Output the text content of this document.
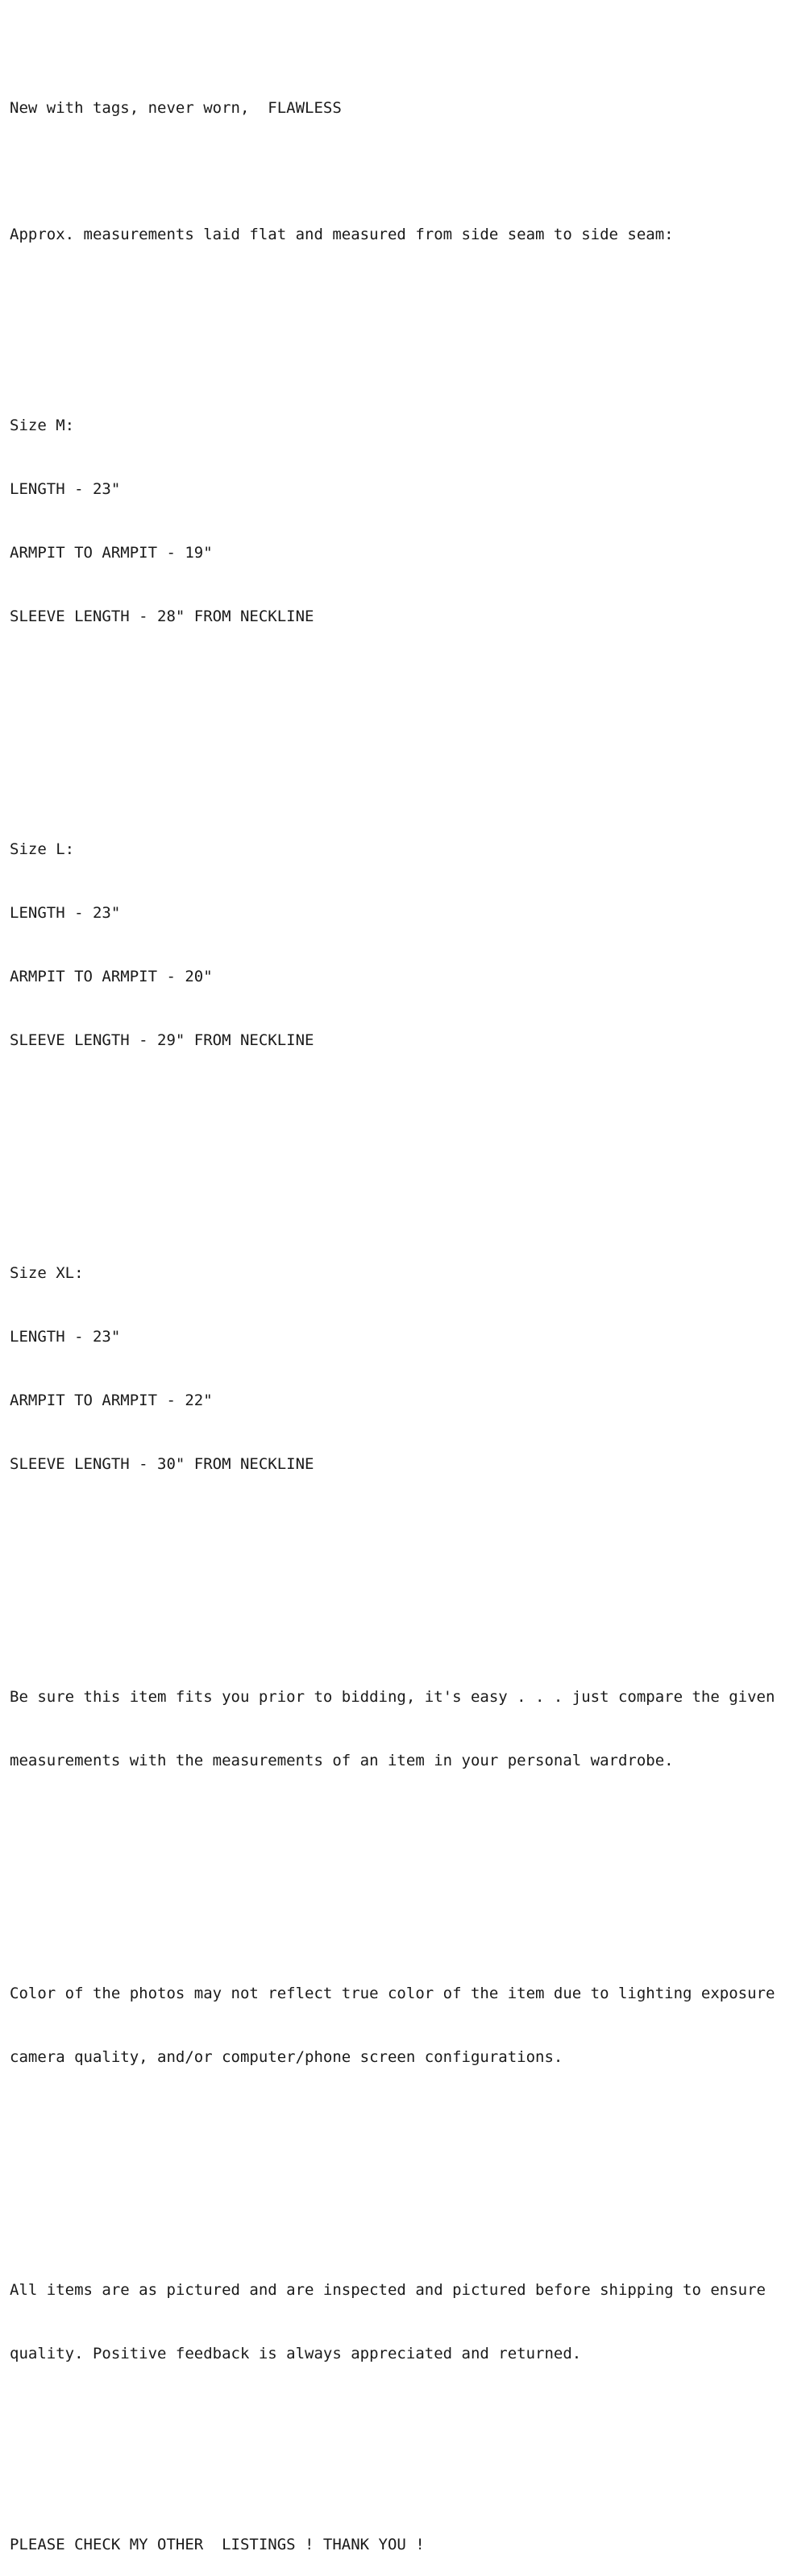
New with tags, never worn,  FLAWLESS

Approx. measurements laid flat and measured from side seam to side seam:

Size M:

LENGTH - 23"

ARMPIT TO ARMPIT - 19"

SLEEVE LENGTH - 28" FROM NECKLINE

Size L:

LENGTH - 23"

ARMPIT TO ARMPIT - 20"

SLEEVE LENGTH - 29" FROM NECKLINE

Size XL:

LENGTH - 23"

ARMPIT TO ARMPIT - 22"

SLEEVE LENGTH - 30" FROM NECKLINE

Be sure this item fits you prior to bidding, it's easy . . . just compare the given

measurements with the measurements of an item in your personal wardrobe.

Color of the photos may not reflect true color of the item due to lighting exposure

camera quality, and/or computer/phone screen configurations.

All items are as pictured and are inspected and pictured before shipping to ensure

quality. Positive feedback is always appreciated and returned.

PLEASE CHECK MY OTHER  LISTINGS ! THANK YOU !
